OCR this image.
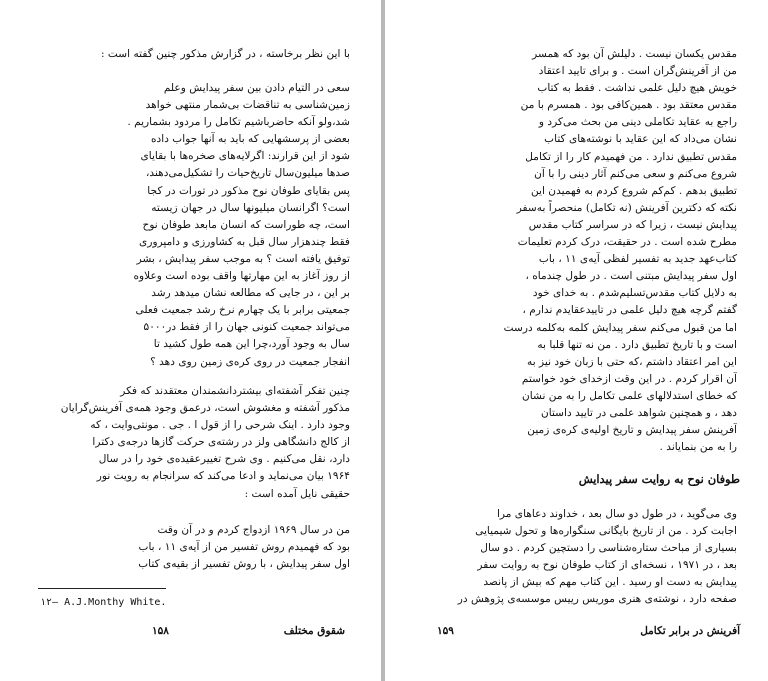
با این نظر برخاسته ، در گزارش مذکور چنین گفته است :
سعی در التیام دادن بین سفر پیدایش وعلم
زمین‌شناسی به تناقضات بی‌شمار منتهی خواهد
شد،ولو آنکه حاضرباشیم تکامل را مردود بشماریم .
بعضی از پرسشهایی که باید به آنها جواب داده
شود از این قرارند: اگرلایه‌های صخره‌ها با بقایای
صدها میلیون‌سال تاریخ‌حیات را تشکیل‌می‌دهند،
پس بقایای طوفان نوح مذکور در تورات در کجا
است؟ اگرانسان میلیونها سال در جهان زیسته
است، چه طوراست که انسان مابعد طوفان نوح
فقط چندهزار سال قبل به کشاورزی و دامپروری
توفیق یافته است ؟ به موجب سفر پیدایش ، بشر
از روز آغاز به این مهارتها واقف بوده است وعلاوه
بر این ، در جایی که مطالعه نشان میدهد رشد
جمعیتی برابر با یک چهارم نرخ رشد جمعیت فعلی
می‌تواند جمعیت کنونی جهان را از فقط در۵۰۰۰
سال به وجود آورد،چرا این همه طول کشید تا
انفجار جمعیت در روی کره‌ی زمین روی دهد ؟
چنین تفکر آشفته‌ای بیشتردانشمندان معتقدند که فکر
مذکور آشفته و مغشوش است، درعمق وجود همه‌ی آفرینش‌گرایان
وجود دارد . اینک شرحی را از قول ا . جی . مونتی‌وایت ، که
از کالج دانشگاهی ولز در رشته‌ی حرکت گازها درجه‌ی دکترا
دارد، نقل می‌کنیم . وی شرح تغییرعقیده‌ی خود را در سال
۱۹۶۴ بیان می‌نماید و ادعا می‌کند که سرانجام به رویت نور
حقیقی نایل آمده است :
من در سال ۱۹۶۹ ازدواج کردم و در آن وقت
بود که فهمیدم روش تفسیر من از آیه‌ی ۱۱ ، باب
اول سفر پیدایش ، با روش تفسیر از بقیه‌ی کتاب
١٢– A.J.Monthy White.
شقوق مختلف
۱۵۸
مقدس یکسان نیست . دلیلش آن بود که همسر
من از آفرینش‌گران است . و برای تایید اعتقاد
خویش هیچ دلیل علمی نداشت . فقط به کتاب
مقدس معتقد بود . همین‌کافی بود . همسرم با من
راجع به عقاید تکاملی دینی من بحث می‌کرد و
نشان می‌داد که این عقاید با نوشته‌های کتاب
مقدس تطبیق ندارد . من فهمیدم کار را از تکامل
شروع می‌کنم و سعی می‌کنم آثار دینی را با آن
تطبیق بدهم . کم‌کم شروع کردم به فهمیدن این
نکته که دکترین آفرینش (نه تکامل) منحصراً به‌سفر
پیدایش نیست ، زیرا که در سراسر کتاب مقدس
مطرح شده است . در حقیقت، درک کردم تعلیمات
کتاب‌عهد جدید به تفسیر لفظی آیه‌ی ۱۱ ، باب
اول سفر پیدایش مبتنی است . در طول چندماه ،
به دلایل کتاب مقدس‌تسلیم‌شدم . به خدای خود
گفتم گرچه هیچ دلیل علمی در تاییدعقایدم ندارم ،
اما من قبول می‌کنم سفر پیدایش کلمه به‌کلمه درست
است و با تاریخ تطبیق دارد . من نه تنها قلبا به
این امر اعتقاد داشتم ،که حتی با زبان خود نیز به
آن اقرار کردم . در این وقت ازخدای خود خواستم
که خطای استدلالهای علمی تکامل را به من نشان
دهد ، و همچنین شواهد علمی در تایید داستان
آفرینش سفر پیدایش و تاریخ اولیه‌ی کره‌ی زمین
را به من بنمایاند .
طوفان نوح به روایت سفر پیدایش
وی می‌گوید ، در طول دو سال بعد ، خداوند دعاهای مرا
اجابت کرد . من از تاریخ بایگانی سنگواره‌ها و تحول شیمیایی
بسیاری از مباحث ستاره‌شناسی را دستچین کردم . دو سال
بعد ، در ۱۹۷۱ ، نسخه‌ای از کتاب طوفان نوح به روایت سفر
پیدایش به دست او رسید . این کتاب مهم که بیش از پانصد
صفحه دارد ، نوشته‌ی هنری موریس رییس موسسه‌ی پژوهش در
۱۵۹	آفرینش در برابر تکامل
